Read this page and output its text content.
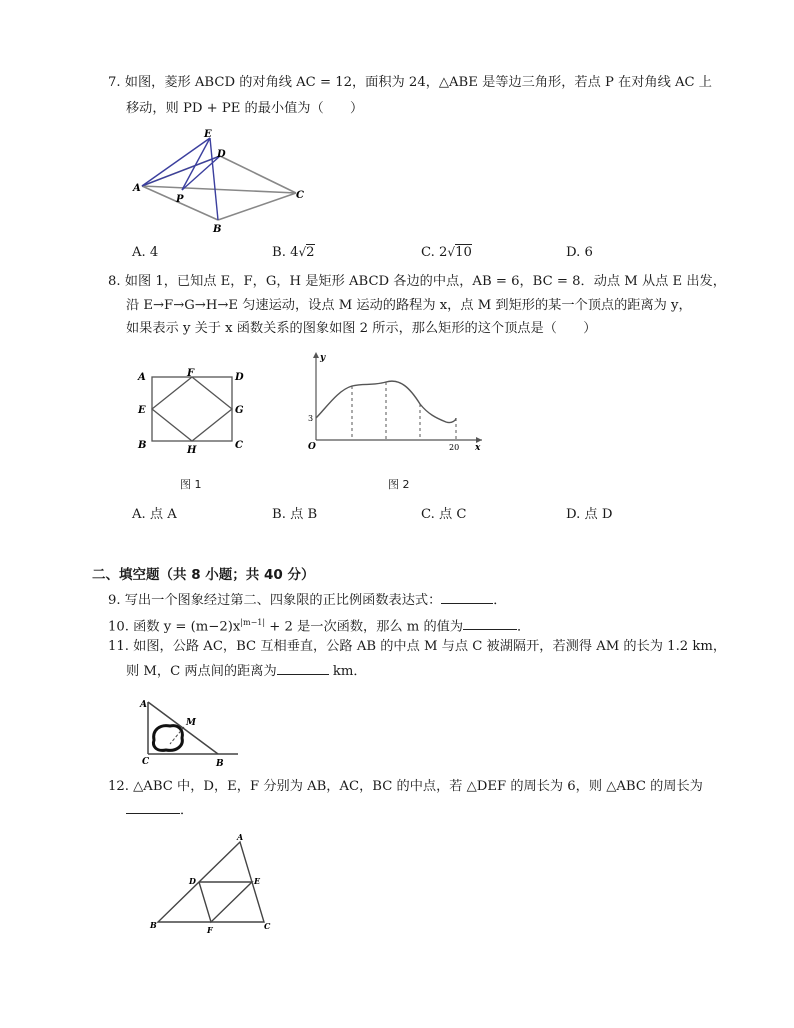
7. 如图，菱形 ABCD 的对角线 AC = 12，面积为 24，△ABE 是等边三角形，若点 P 在对角线 AC 上
移动，则 PD + PE 的最小值为（　　）
E
D
A
P	C
B
A. 4	B. 4√2	C. 2√10	D. 6
8. 如图 1，已知点 E，F，G，H 是矩形 ABCD 各边的中点，AB = 6，BC = 8．动点 M 从点 E 出发，
沿 E→F→G→H→E 匀速运动，设点 M 运动的路程为 x，点 M 到矩形的某一个顶点的距离为 y，
如果表示 y 关于 x 函数关系的图象如图 2 所示，那么矩形的这个顶点是（　　）
A	F	D
E	G
B	H	C
图 1
y
3
O	20 x
图 2
A. 点 A	B. 点 B	C. 点 C	D. 点 D
二、填空题（共 8 小题；共 40 分）
9. 写出一个图象经过第二、四象限的正比例函数表达式：	．
10. 函数 $y = (m-2)x^{|m-1|} + 2$ 是一次函数，那么 m 的值为	．
11. 如图，公路 AC，BC 互相垂直，公路 AB 的中点 M 与点 C 被湖隔开，若测得 AM 的长为 1.2 km，
则 M，C 两点间的距离为	km．
A
M
C	B
12. △ABC 中，D，E，F 分别为 AB，AC，BC 的中点，若 △DEF 的周长为 6，则 △ABC 的周长为
．
A
D	E
B	F	C
